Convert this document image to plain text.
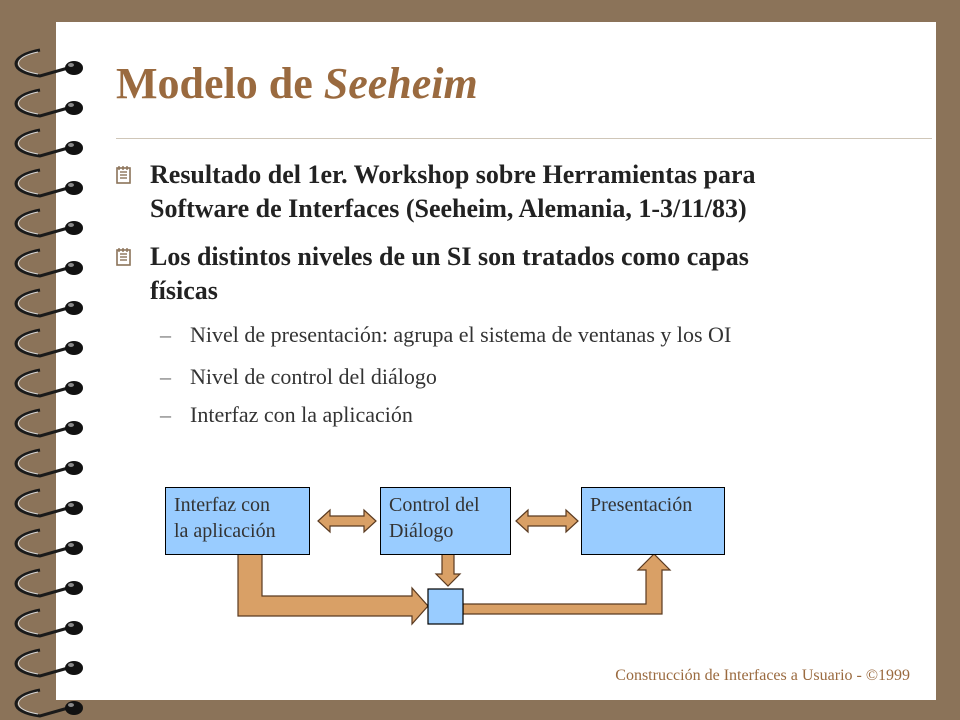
Modelo de Seeheim
Resultado del 1er. Workshop sobre Herramientas para
Software de Interfaces (Seeheim, Alemania, 1-3/11/83)
Los distintos niveles de un SI son tratados como capas
físicas
– Nivel de presentación: agrupa el sistema de ventanas y los OI
– Nivel de control del diálogo
– Interfaz con la aplicación
Interfaz con
la aplicación
Control del
Diálogo
Presentación
Construcción de Interfaces a Usuario - ©1999
